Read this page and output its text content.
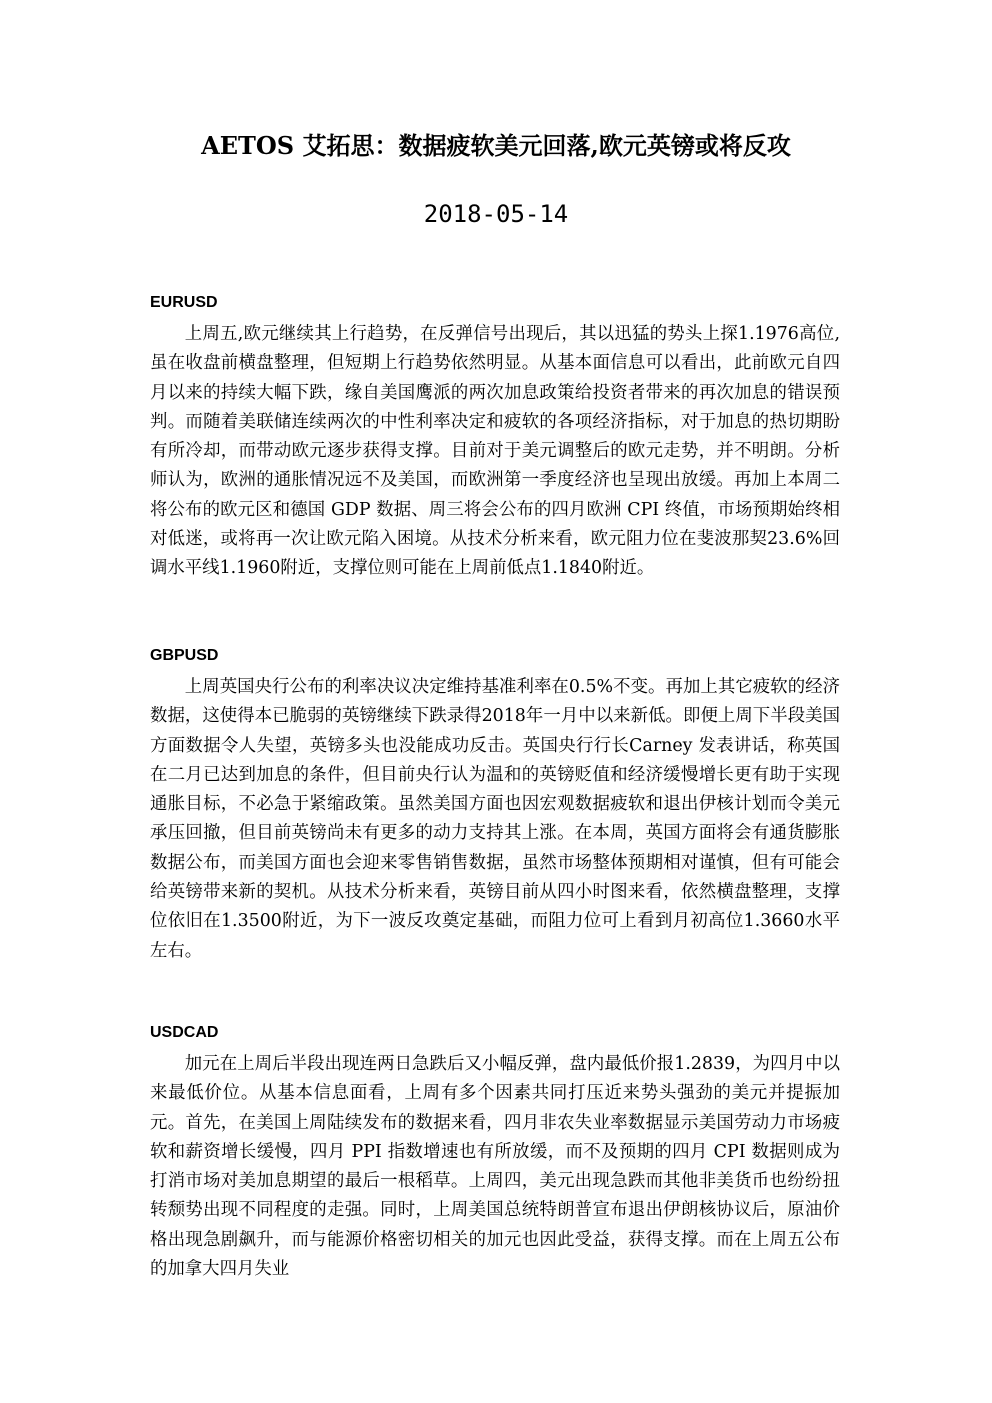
AETOS 艾拓思：数据疲软美元回落,欧元英镑或将反攻
2018-05-14
EURUSD

上周五,欧元继续其上行趋势，在反弹信号出现后，其以迅猛的势头上探1.1976高位,虽在收盘前横盘整理，但短期上行趋势依然明显。从基本面信息可以看出，此前欧元自四月以来的持续大幅下跌，缘自美国鹰派的两次加息政策给投资者带来的再次加息的错误预判。而随着美联储连续两次的中性利率决定和疲软的各项经济指标，对于加息的热切期盼有所冷却，而带动欧元逐步获得支撑。目前对于美元调整后的欧元走势，并不明朗。分析师认为，欧洲的通胀情况远不及美国，而欧洲第一季度经济也呈现出放缓。再加上本周二将公布的欧元区和德国 GDP 数据、周三将会公布的四月欧洲 CPI 终值，市场预期始终相对低迷，或将再一次让欧元陷入困境。从技术分析来看，欧元阻力位在斐波那契23.6%回调水平线1.1960附近，支撑位则可能在上周前低点1.1840附近。

GBPUSD

上周英国央行公布的利率决议决定维持基准利率在0.5%不变。再加上其它疲软的经济数据，这使得本已脆弱的英镑继续下跌录得2018年一月中以来新低。即便上周下半段美国方面数据令人失望，英镑多头也没能成功反击。英国央行行长Carney 发表讲话，称英国在二月已达到加息的条件，但目前央行认为温和的英镑贬值和经济缓慢增长更有助于实现通胀目标，不必急于紧缩政策。虽然美国方面也因宏观数据疲软和退出伊核计划而令美元承压回撤，但目前英镑尚未有更多的动力支持其上涨。在本周，英国方面将会有通货膨胀数据公布，而美国方面也会迎来零售销售数据，虽然市场整体预期相对谨慎，但有可能会给英镑带来新的契机。从技术分析来看，英镑目前从四小时图来看，依然横盘整理，支撑位依旧在1.3500附近，为下一波反攻奠定基础，而阻力位可上看到月初高位1.3660水平左右。

USDCAD

加元在上周后半段出现连两日急跌后又小幅反弹，盘内最低价报1.2839，为四月中以来最低价位。从基本信息面看，上周有多个因素共同打压近来势头强劲的美元并提振加元。首先，在美国上周陆续发布的数据来看，四月非农失业率数据显示美国劳动力市场疲软和薪资增长缓慢，四月 PPI 指数增速也有所放缓，而不及预期的四月 CPI 数据则成为打消市场对美加息期望的最后一根稻草。上周四，美元出现急跌而其他非美货币也纷纷扭转颓势出现不同程度的走强。同时，上周美国总统特朗普宣布退出伊朗核协议后，原油价格出现急剧飙升，而与能源价格密切相关的加元也因此受益，获得支撑。而在上周五公布的加拿大四月失业
